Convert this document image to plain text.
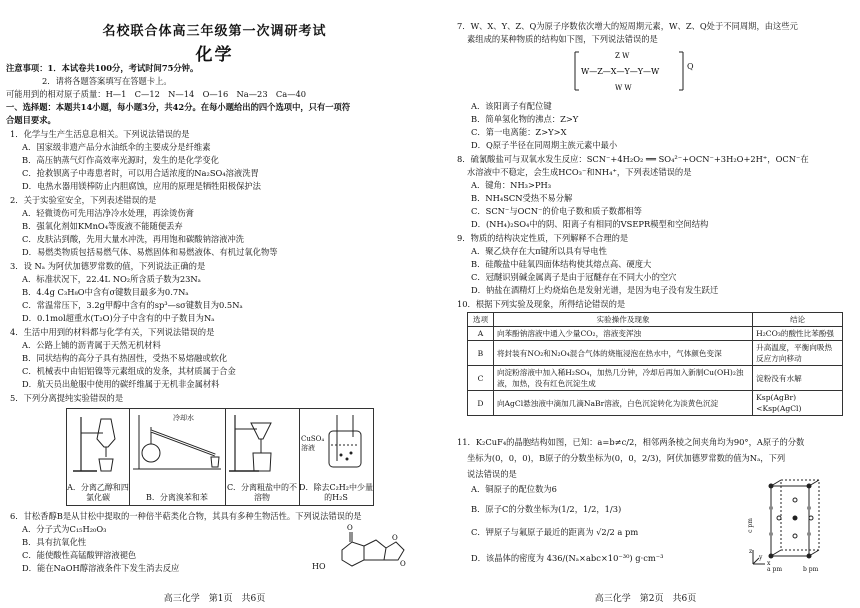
名校联合体高三年级第一次调研考试
化学
注意事项：1．本试卷共100分，考试时间75分钟。
2．请将各题答案填写在答题卡上。
可能用到的相对原子质量：H—1　C—12　N—14　O—16　Na—23　Ca—40
一、选择题：本题共14小题，每小题3分，共42分。在每小题给出的四个选项中，只有一项符
合题目要求。
1．化学与生产生活息息相关。下列说法错误的是
A．国家级非遗产品分水油纸伞的主要成分是纤维素
B．高压钠蒸气灯作高效率光源时，发生的是化学变化
C．抢救钡离子中毒患者时，可以用合适浓度的Na₂SO₄溶液洗胃
D．电热水器用镁棒防止内胆腐蚀，应用的原理是牺牲阳极保护法
2．关于实验室安全，下列表述错误的是
A．轻微烫伤可先用洁净冷水处理，再涂烫伤膏
B．强氧化剂如KMnO₄等废液不能随便丢弃
C．皮肤沾到酸，先用大量水冲洗，再用饱和碳酸钠溶液冲洗
D．易燃类物质包括易燃气体、易燃固体和易燃液体、有机过氧化物等
3．设 Nₐ 为阿伏加德罗常数的值，下列说法正确的是
A．标准状况下，22.4L NO₂所含质子数为23Nₐ
B．4.4g C₃H₈O中含有σ键数目最多为0.7Nₐ
C．常温常压下，3.2g甲醇中含有的sp³—sσ键数目为0.5Nₐ
D．0.1mol超重水(T₂O)分子中含有的中子数目为Nₐ
4．生活中用到的材料都与化学有关，下列说法错误的是
A．公路上铺的沥青属于天然无机材料
B．同状结构的高分子具有热固性，受热不易熔融或软化
C．机械表中由铝铝镍等元素组成的发条，其材质属于合金
D．航天员出舱服中使用的碳纤维属于无机非金属材料
5．下列分离提纯实验错误的是
A．分离乙醇和四氯化碳
冷却水
B．分离溴苯和苯
C．分离粗盐中的不溶物
CuSO₄溶液
D．除去C₂H₂中少量的H₂S
6．甘松香醇B是从甘松中提取的一种倍半萜类化合物，其具有多种生物活性。下列说法错误的是
A．分子式为C₁₅H₂₀O₃
B．具有抗氧化性
C．能使酸性高锰酸钾溶液褪色
D．能在NaOH醇溶液条件下发生消去反应
O
O
O
HO
高三化学　第1页　共6页
7．W、X、Y、Z、Q为原子序数依次增大的短周期元素，W、Z、Q处于不同周期，由这些元
素组成的某种物质的结构如下图，下列说法错误的是
W—Z—X—Y—Y—W
Z W
W W
Q
A．该阳离子有配位键
B．简单氢化物的沸点：Z>Y
C．第一电离能：Z>Y>X
D．Q原子半径在同周期主族元素中最小
8．硫氰酸盐可与双氧水发生反应：SCN⁻+4H₂O₂ ══ SO₄²⁻+OCN⁻+3H₂O+2H⁺，OCN⁻在
水溶液中不稳定，会生成HCO₃⁻和NH₄⁺，下列表述错误的是
A．键角：NH₃>PH₃
B．NH₄SCN受热不易分解
C．SCN⁻与OCN⁻的价电子数和质子数都相等
D．(NH₄)₂SO₄中的阴、阳离子有相同的VSEPR模型和空间结构
9．物质的结构决定性质，下列解释不合理的是
A．聚乙炔存在大π键所以具有导电性
B．硅酸盐中硅氧四面体结构使其熔点高、硬度大
C．冠醚识别碱金属离子是由于冠醚存在不同大小的空穴
D．钠盐在酒精灯上灼烧焰色是发射光谱，是因为电子没有发生跃迁
10．根据下列实验及现象，所得结论错误的是
选项	实验操作及现象	结论
A	向苯酚钠溶液中通入少量CO₂，溶液变浑浊	H₂CO₃的酸性比苯酚强
B	将封装有NO₂和N₂O₄混合气体的烧瓶浸泡在热水中，气体颜色变深	升高温度，平衡向吸热反应方向移动
C	向淀粉溶液中加入稀H₂SO₄，加热几分钟，冷却后再加入新制Cu(OH)₂浊液，加热，没有红色沉淀生成	淀粉没有水解
D	向AgCl悬浊液中滴加几滴NaBr溶液，白色沉淀转化为淡黄色沉淀	Ksp(AgBr)<Ksp(AgCl)
11．K₂CuF₄的晶胞结构如图，已知：a=b≠c/2，相邻两条棱之间夹角均为90°，A原子的分数
坐标为(0，0，0)，B原子的分数坐标为(0，0，2/3)，阿伏加德罗常数的值为Nₐ，下列
说法错误的是
A．铜原子的配位数为6
B．原子C的分数坐标为(1/2，1/2，1/3)
C．钾原子与氟原子最近的距离为 √2/2 a pm
D．该晶体的密度为 436/(Nₐ×abc×10⁻³⁰) g·cm⁻³
c pm
a pm	b pm
x
y
z
高三化学　第2页　共6页
